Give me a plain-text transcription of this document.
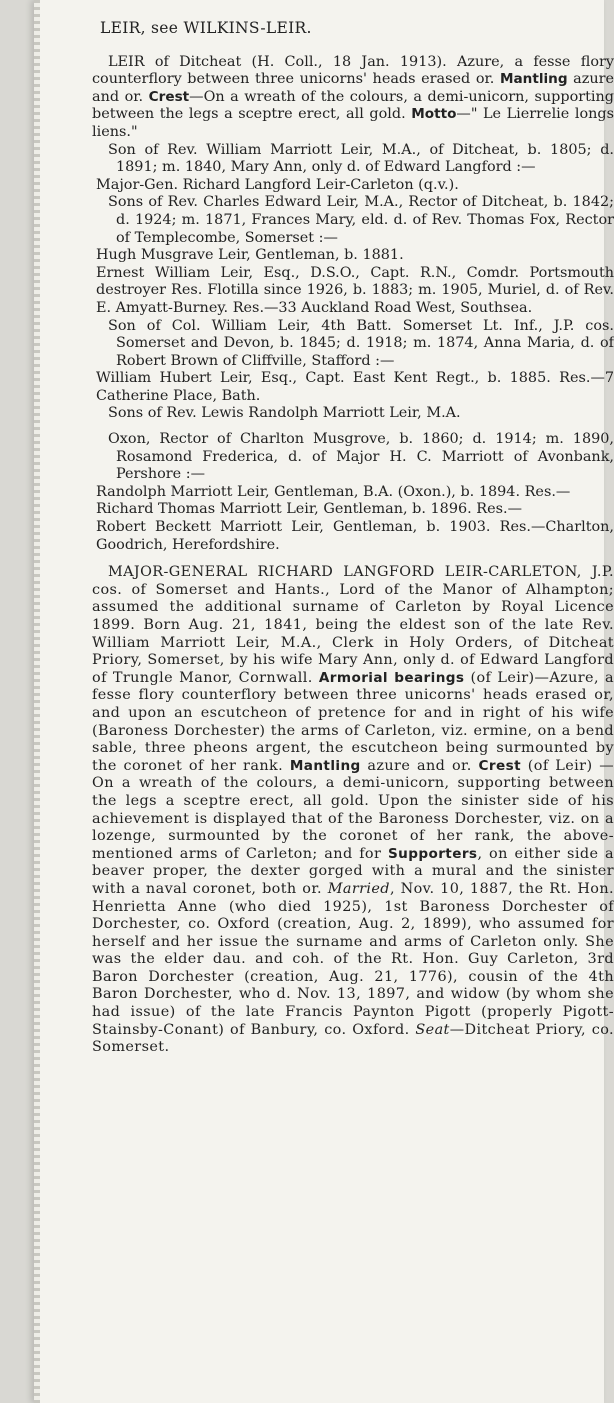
LEIR, see WILKINS-LEIR.

LEIR of Ditcheat (H. Coll., 18 Jan. 1913). Azure, a fesse flory counterflory between three unicorns' heads erased or. Mantling azure and or. Crest—On a wreath of the colours, a demi-unicorn, supporting between the legs a sceptre erect, all gold. Motto—" Le Lierrelie longs liens."

Son of Rev. William Marriott Leir, M.A., of Ditcheat, b. 1805; d. 1891; m. 1840, Mary Ann, only d. of Edward Langford :—

Major-Gen. Richard Langford Leir-Carleton (q.v.).

Sons of Rev. Charles Edward Leir, M.A., Rector of Ditcheat, b. 1842; d. 1924; m. 1871, Frances Mary, eld. d. of Rev. Thomas Fox, Rector of Templecombe, Somerset :—

Hugh Musgrave Leir, Gentleman, b. 1881.

Ernest William Leir, Esq., D.S.O., Capt. R.N., Comdr. Portsmouth destroyer Res. Flotilla since 1926, b. 1883; m. 1905, Muriel, d. of Rev. E. Amyatt-Burney. Res.—33 Auckland Road West, Southsea.

Son of Col. William Leir, 4th Batt. Somerset Lt. Inf., J.P. cos. Somerset and Devon, b. 1845; d. 1918; m. 1874, Anna Maria, d. of Robert Brown of Cliffville, Stafford :—

William Hubert Leir, Esq., Capt. East Kent Regt., b. 1885. Res.—7 Catherine Place, Bath.

Sons of Rev. Lewis Randolph Marriott Leir, M.A.

Oxon, Rector of Charlton Musgrove, b. 1860; d. 1914; m. 1890, Rosamond Frederica, d. of Major H. C. Marriott of Avonbank, Pershore :—

Randolph Marriott Leir, Gentleman, B.A. (Oxon.), b. 1894. Res.—

Richard Thomas Marriott Leir, Gentleman, b. 1896. Res.—

Robert Beckett Marriott Leir, Gentleman, b. 1903. Res.—Charlton, Goodrich, Herefordshire.

MAJOR-GENERAL RICHARD LANGFORD LEIR-CARLETON, J.P. cos. of Somerset and Hants., Lord of the Manor of Alhampton; assumed the additional surname of Carleton by Royal Licence 1899. Born Aug. 21, 1841, being the eldest son of the late Rev. William Marriott Leir, M.A., Clerk in Holy Orders, of Ditcheat Priory, Somerset, by his wife Mary Ann, only d. of Edward Langford of Trungle Manor, Cornwall. Armorial bearings (of Leir)—Azure, a fesse flory counterflory between three unicorns' heads erased or, and upon an escutcheon of pretence for and in right of his wife (Baroness Dorchester) the arms of Carleton, viz. ermine, on a bend sable, three pheons argent, the escutcheon being surmounted by the coronet of her rank. Mantling azure and or. Crest (of Leir) — On a wreath of the colours, a demi-unicorn, supporting between the legs a sceptre erect, all gold. Upon the sinister side of his achievement is displayed that of the Baroness Dorchester, viz. on a lozenge, surmounted by the coronet of her rank, the above-mentioned arms of Carleton; and for Supporters, on either side a beaver proper, the dexter gorged with a mural and the sinister with a naval coronet, both or. Married, Nov. 10, 1887, the Rt. Hon. Henrietta Anne (who died 1925), 1st Baroness Dorchester of Dorchester, co. Oxford (creation, Aug. 2, 1899), who assumed for herself and her issue the surname and arms of Carleton only. She was the elder dau. and coh. of the Rt. Hon. Guy Carleton, 3rd Baron Dorchester (creation, Aug. 21, 1776), cousin of the 4th Baron Dorchester, who d. Nov. 13, 1897, and widow (by whom she had issue) of the late Francis Paynton Pigott (properly Pigott-Stainsby-Conant) of Banbury, co. Oxford. Seat—Ditcheat Priory, co. Somerset.
